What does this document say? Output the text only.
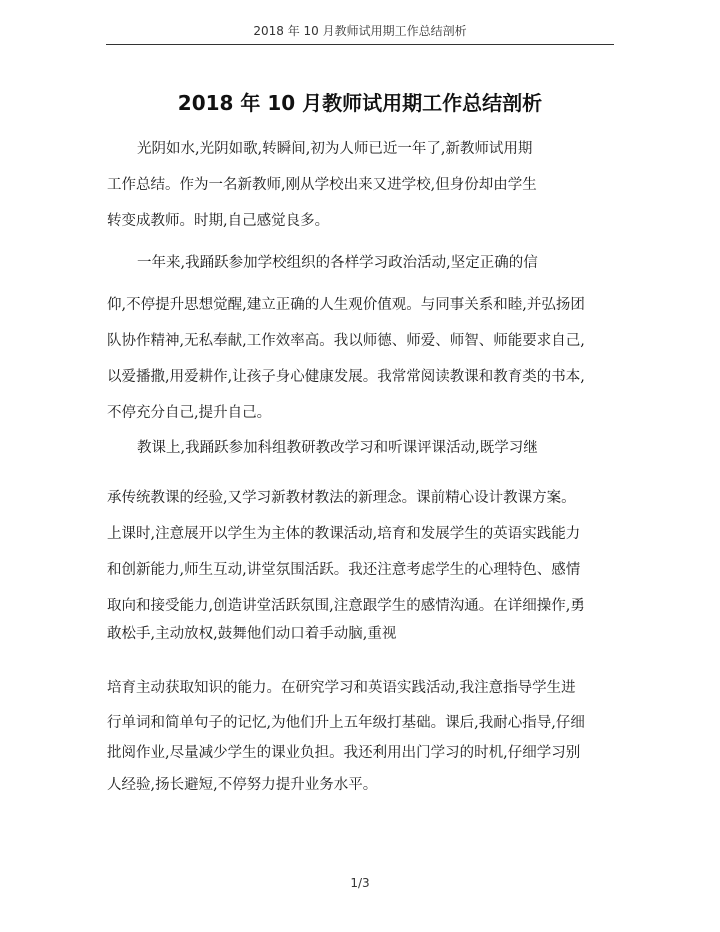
2018 年 10 月教师试用期工作总结剖析
2018 年 10 月教师试用期工作总结剖析

光阴如水,光阴如歌,转瞬间,初为人师已近一年了,新教师试用期

工作总结。作为一名新教师,刚从学校出来又进学校,但身份却由学生

转变成教师。时期,自己感觉良多。

一年来,我踊跃参加学校组织的各样学习政治活动,坚定正确的信

仰,不停提升思想觉醒,建立正确的人生观价值观。与同事关系和睦,并弘扬团

队协作精神,无私奉献,工作效率高。我以师德、师爱、师智、师能要求自己,

以爱播撒,用爱耕作,让孩子身心健康发展。我常常阅读教课和教育类的书本,

不停充分自己,提升自己。

教课上,我踊跃参加科组教研教改学习和听课评课活动,既学习继

承传统教课的经验,又学习新教材教法的新理念。课前精心设计教课方案。

上课时,注意展开以学生为主体的教课活动,培育和发展学生的英语实践能力

和创新能力,师生互动,讲堂氛围活跃。我还注意考虑学生的心理特色、感情

取向和接受能力,创造讲堂活跃氛围,注意跟学生的感情沟通。在详细操作,勇

敢松手,主动放权,鼓舞他们动口着手动脑,重视

培育主动获取知识的能力。在研究学习和英语实践活动,我注意指导学生进

行单词和简单句子的记忆,为他们升上五年级打基础。课后,我耐心指导,仔细

批阅作业,尽量减少学生的课业负担。我还利用出门学习的时机,仔细学习别

人经验,扬长避短,不停努力提升业务水平。

1/3
